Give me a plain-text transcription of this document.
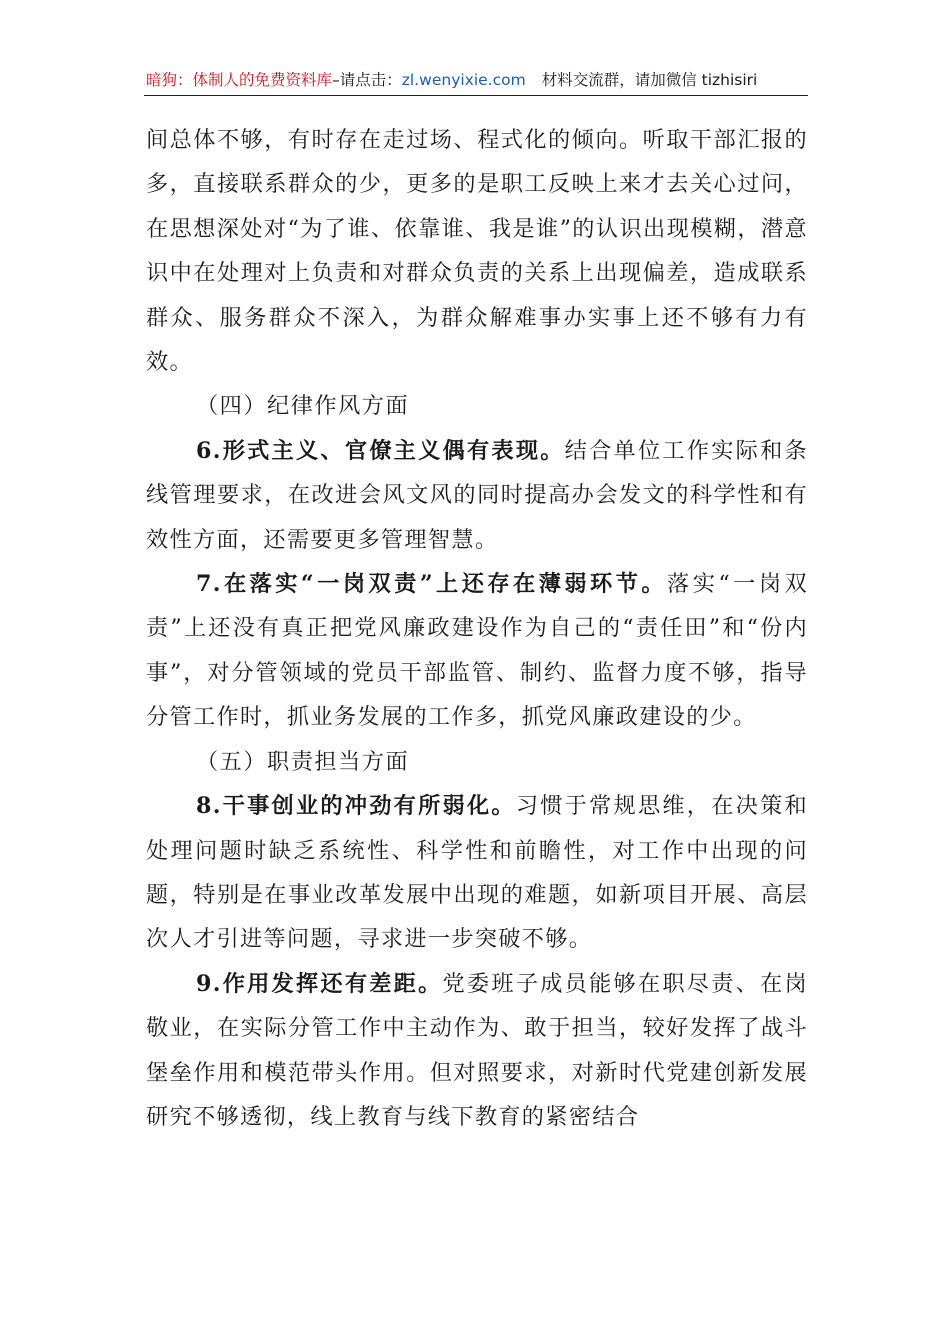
暗狗：体制人的免费资料库–请点击：zl.wenyixie.com 材料交流群，请加微信 tizhisiri

间总体不够，有时存在走过场、程式化的倾向。听取干部汇报的多，直接联系群众的少，更多的是职工反映上来才去关心过问，在思想深处对“为了谁、依靠谁、我是谁”的认识出现模糊，潜意识中在处理对上负责和对群众负责的关系上出现偏差，造成联系群众、服务群众不深入，为群众解难事办实事上还不够有力有效。

（四）纪律作风方面

6.形式主义、官僚主义偶有表现。结合单位工作实际和条线管理要求，在改进会风文风的同时提高办会发文的科学性和有效性方面，还需要更多管理智慧。

7.在落实“一岗双责”上还存在薄弱环节。落实“一岗双责”上还没有真正把党风廉政建设作为自己的“责任田”和“份内事”，对分管领域的党员干部监管、制约、监督力度不够，指导分管工作时，抓业务发展的工作多，抓党风廉政建设的少。

（五）职责担当方面

8.干事创业的冲劲有所弱化。习惯于常规思维，在决策和处理问题时缺乏系统性、科学性和前瞻性，对工作中出现的问题，特别是在事业改革发展中出现的难题，如新项目开展、高层次人才引进等问题，寻求进一步突破不够。

9.作用发挥还有差距。党委班子成员能够在职尽责、在岗敬业，在实际分管工作中主动作为、敢于担当，较好发挥了战斗堡垒作用和模范带头作用。但对照要求，对新时代党建创新发展研究不够透彻，线上教育与线下教育的紧密结合
